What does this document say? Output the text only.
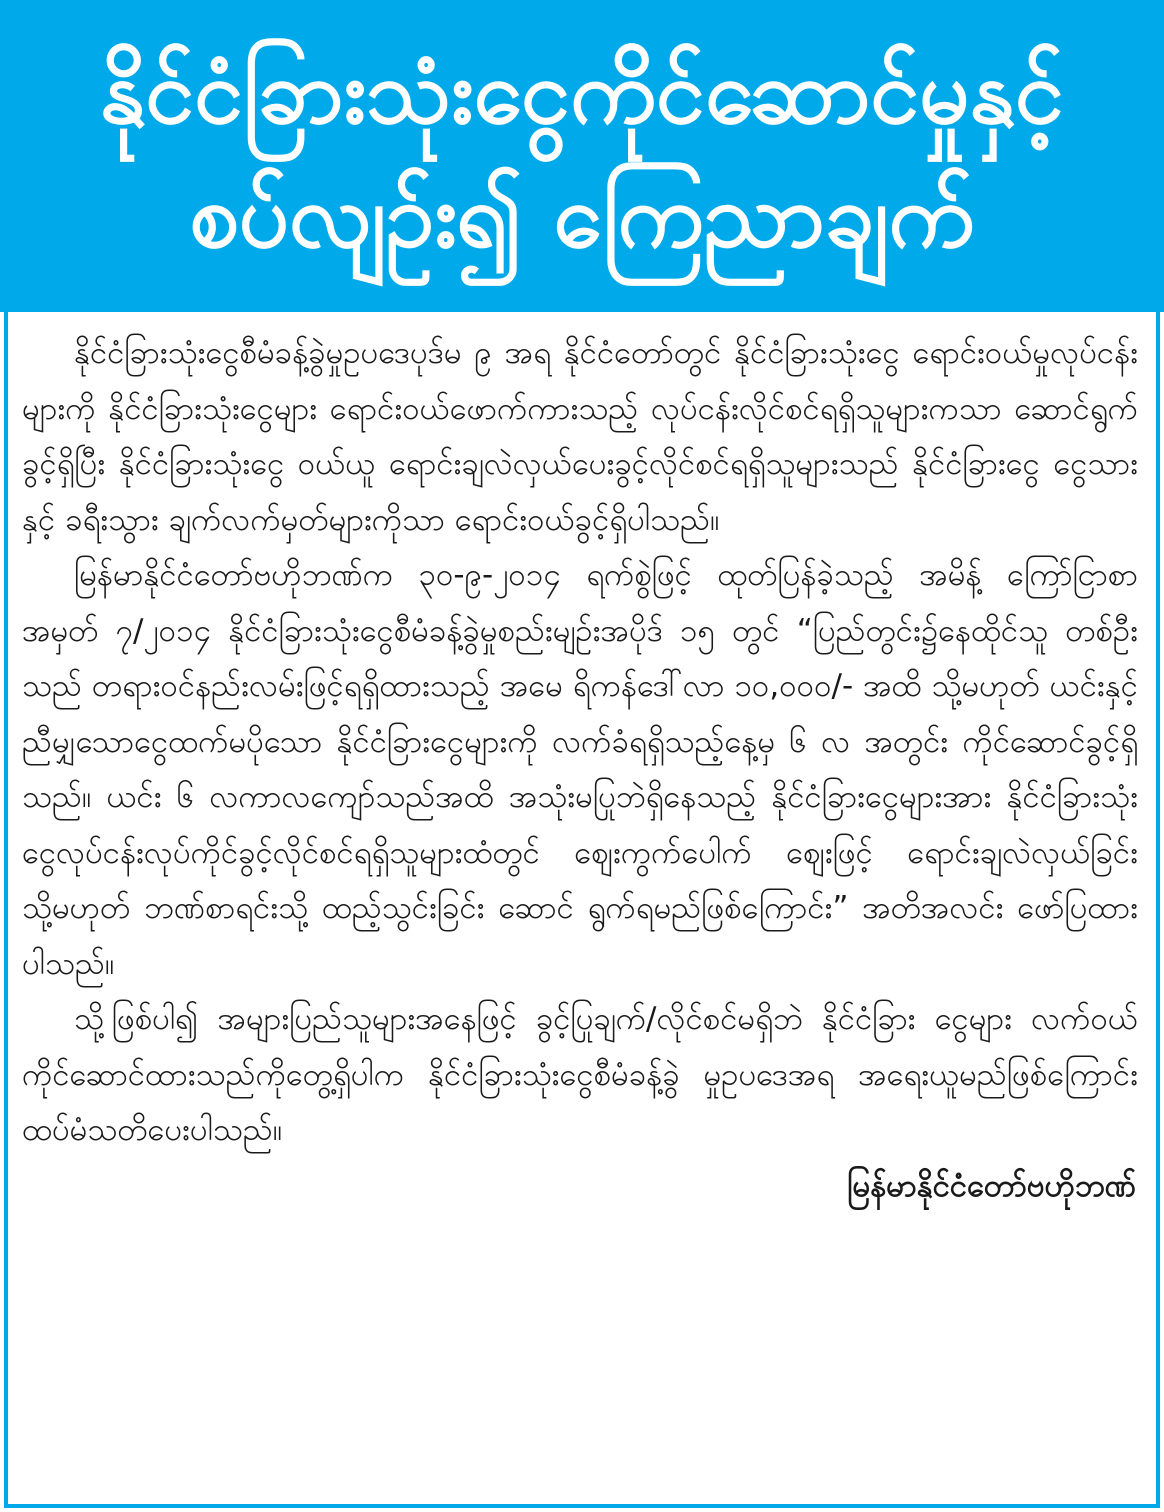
နိုင်ငံခြားသုံးငွေကိုင်ဆောင်မှုနှင့်
စပ်လျဉ်း၍ ကြေညာချက်

နိုင်ငံခြားသုံးငွေစီမံခန့်ခွဲမှုဥပဒေပုဒ်မ ၉ အရ နိုင်ငံတော်တွင် နိုင်ငံခြားသုံးငွေ ရောင်းဝယ်မှုလုပ်ငန်းများကို နိုင်ငံခြားသုံးငွေများ ရောင်းဝယ်ဖောက်ကားသည့် လုပ်ငန်းလိုင်စင်ရရှိသူများကသာ ဆောင်ရွက်ခွင့်ရှိပြီး နိုင်ငံခြားသုံးငွေ ဝယ်ယူ ရောင်းချလဲလှယ်ပေးခွင့်လိုင်စင်ရရှိသူများသည် နိုင်ငံခြားငွေ ငွေသားနှင့် ခရီးသွား ချက်လက်မှတ်များကိုသာ ရောင်းဝယ်ခွင့်ရှိပါသည်။

မြန်မာနိုင်ငံတော်ဗဟိုဘဏ်က ၃၀-၉-၂၀၁၄ ရက်စွဲဖြင့် ထုတ်ပြန်ခဲ့သည့် အမိန့် ကြော်ငြာစာ အမှတ် ၇/၂၀၁၄ နိုင်ငံခြားသုံးငွေစီမံခန့်ခွဲမှုစည်းမျဉ်းအပိုဒ် ၁၅ တွင် “ပြည်တွင်း၌နေထိုင်သူ တစ်ဦးသည် တရားဝင်နည်းလမ်းဖြင့်ရရှိထားသည့် အမေ ရိကန်ဒေါ်လာ ၁၀,၀၀၀/- အထိ သို့မဟုတ် ယင်းနှင့်ညီမျှသောငွေထက်မပိုသော နိုင်ငံခြားငွေများကို လက်ခံရရှိသည့်နေ့မှ ၆ လ အတွင်း ကိုင်ဆောင်ခွင့်ရှိသည်။ ယင်း ၆ လကာလကျော်သည်အထိ အသုံးမပြုဘဲရှိနေသည့် နိုင်ငံခြားငွေများအား နိုင်ငံခြားသုံးငွေလုပ်ငန်းလုပ်ကိုင်ခွင့်လိုင်စင်ရရှိသူများထံတွင် ဈေးကွက်ပေါက် ဈေးဖြင့် ရောင်းချလဲလှယ်ခြင်း သို့မဟုတ် ဘဏ်စာရင်းသို့ ထည့်သွင်းခြင်း ဆောင် ရွက်ရမည်ဖြစ်ကြောင်း” အတိအလင်း ဖော်ပြထားပါသည်။

သို့ဖြစ်ပါ၍ အများပြည်သူများအနေဖြင့် ခွင့်ပြုချက်/လိုင်စင်မရှိဘဲ နိုင်ငံခြား ငွေများ လက်ဝယ်ကိုင်ဆောင်ထားသည်ကိုတွေ့ရှိပါက နိုင်ငံခြားသုံးငွေစီမံခန့်ခွဲ မှုဥပဒေအရ အရေးယူမည်ဖြစ်ကြောင်း ထပ်မံသတိပေးပါသည်။

မြန်မာနိုင်ငံတော်ဗဟိုဘဏ်
